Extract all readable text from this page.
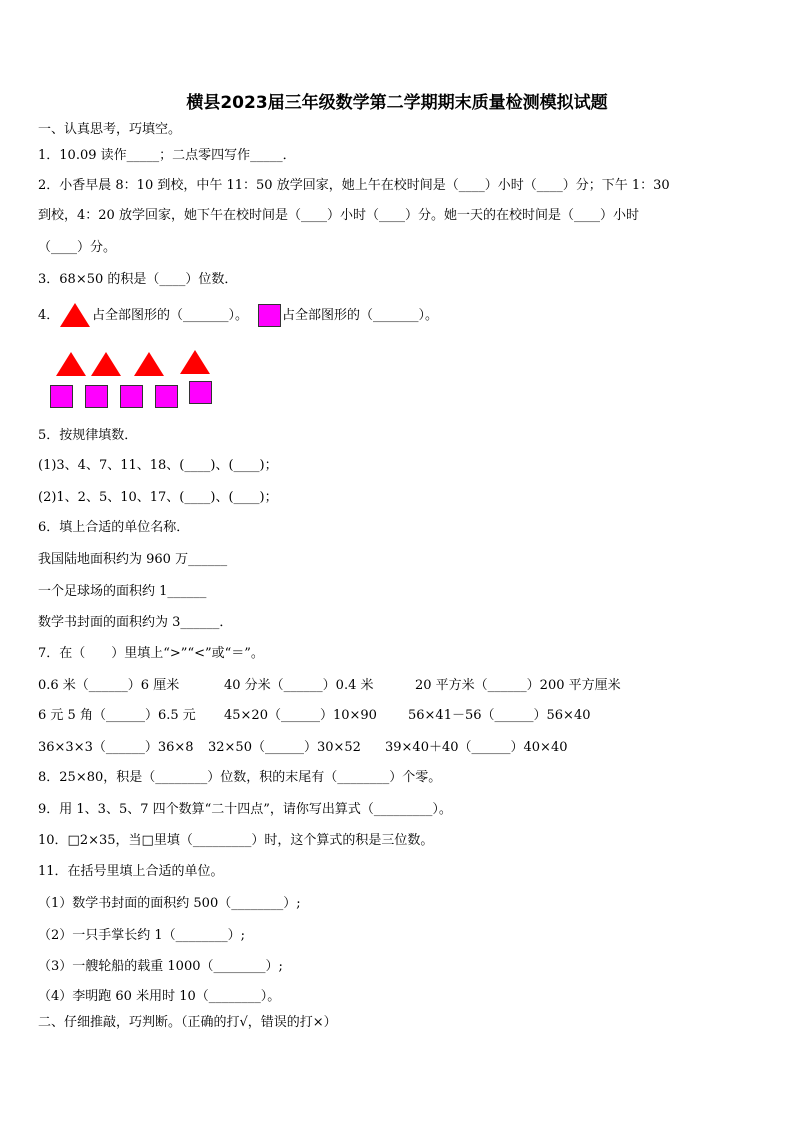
横县2023届三年级数学第二学期期末质量检测模拟试题
一、认真思考，巧填空。
1．10.09 读作_____；二点零四写作_____．
2．小香早晨 8：10 到校，中午 11：50 放学回家，她上午在校时间是（____）小时（____）分；下午 1：30
到校，4：20 放学回家，她下午在校时间是（____）小时（____）分。她一天的在校时间是（____）小时
（____）分。
3．68×50 的积是（____）位数．
4．	占全部图形的（_______）。	占全部图形的（_______）。
5．按规律填数．
(1)3、4、7、11、18、(____)、(____)；
(2)1、2、5、10、17、(____)、(____)；
6．填上合适的单位名称．
我国陆地面积约为 960 万______
一个足球场的面积约 1______
数学书封面的面积约为 3______．
7．在（　　）里填上“>”“<”或“＝”。
0.6 米（______）6 厘米	40 分米（______）0.4 米	20 平方米（______）200 平方厘米
6 元 5 角（______）6.5 元 45×20（______）10×90 56×41－56（______）56×40
36×3×3（______）36×8 32×50（______）30×52 39×40＋40（______）40×40
8．25×80，积是（________）位数，积的末尾有（________）个零。
9．用 1、3、5、7 四个数算“二十四点”，请你写出算式（_________）。
10．□2×35，当□里填（_________）时，这个算式的积是三位数。
11．在括号里填上合适的单位。
（1）数学书封面的面积约 500（________）;
（2）一只手掌长约 1（________）;
（3）一艘轮船的载重 1000（________）;
（4）李明跑 60 米用时 10（________）。
二、仔细推敲，巧判断。（正确的打√，错误的打×）
